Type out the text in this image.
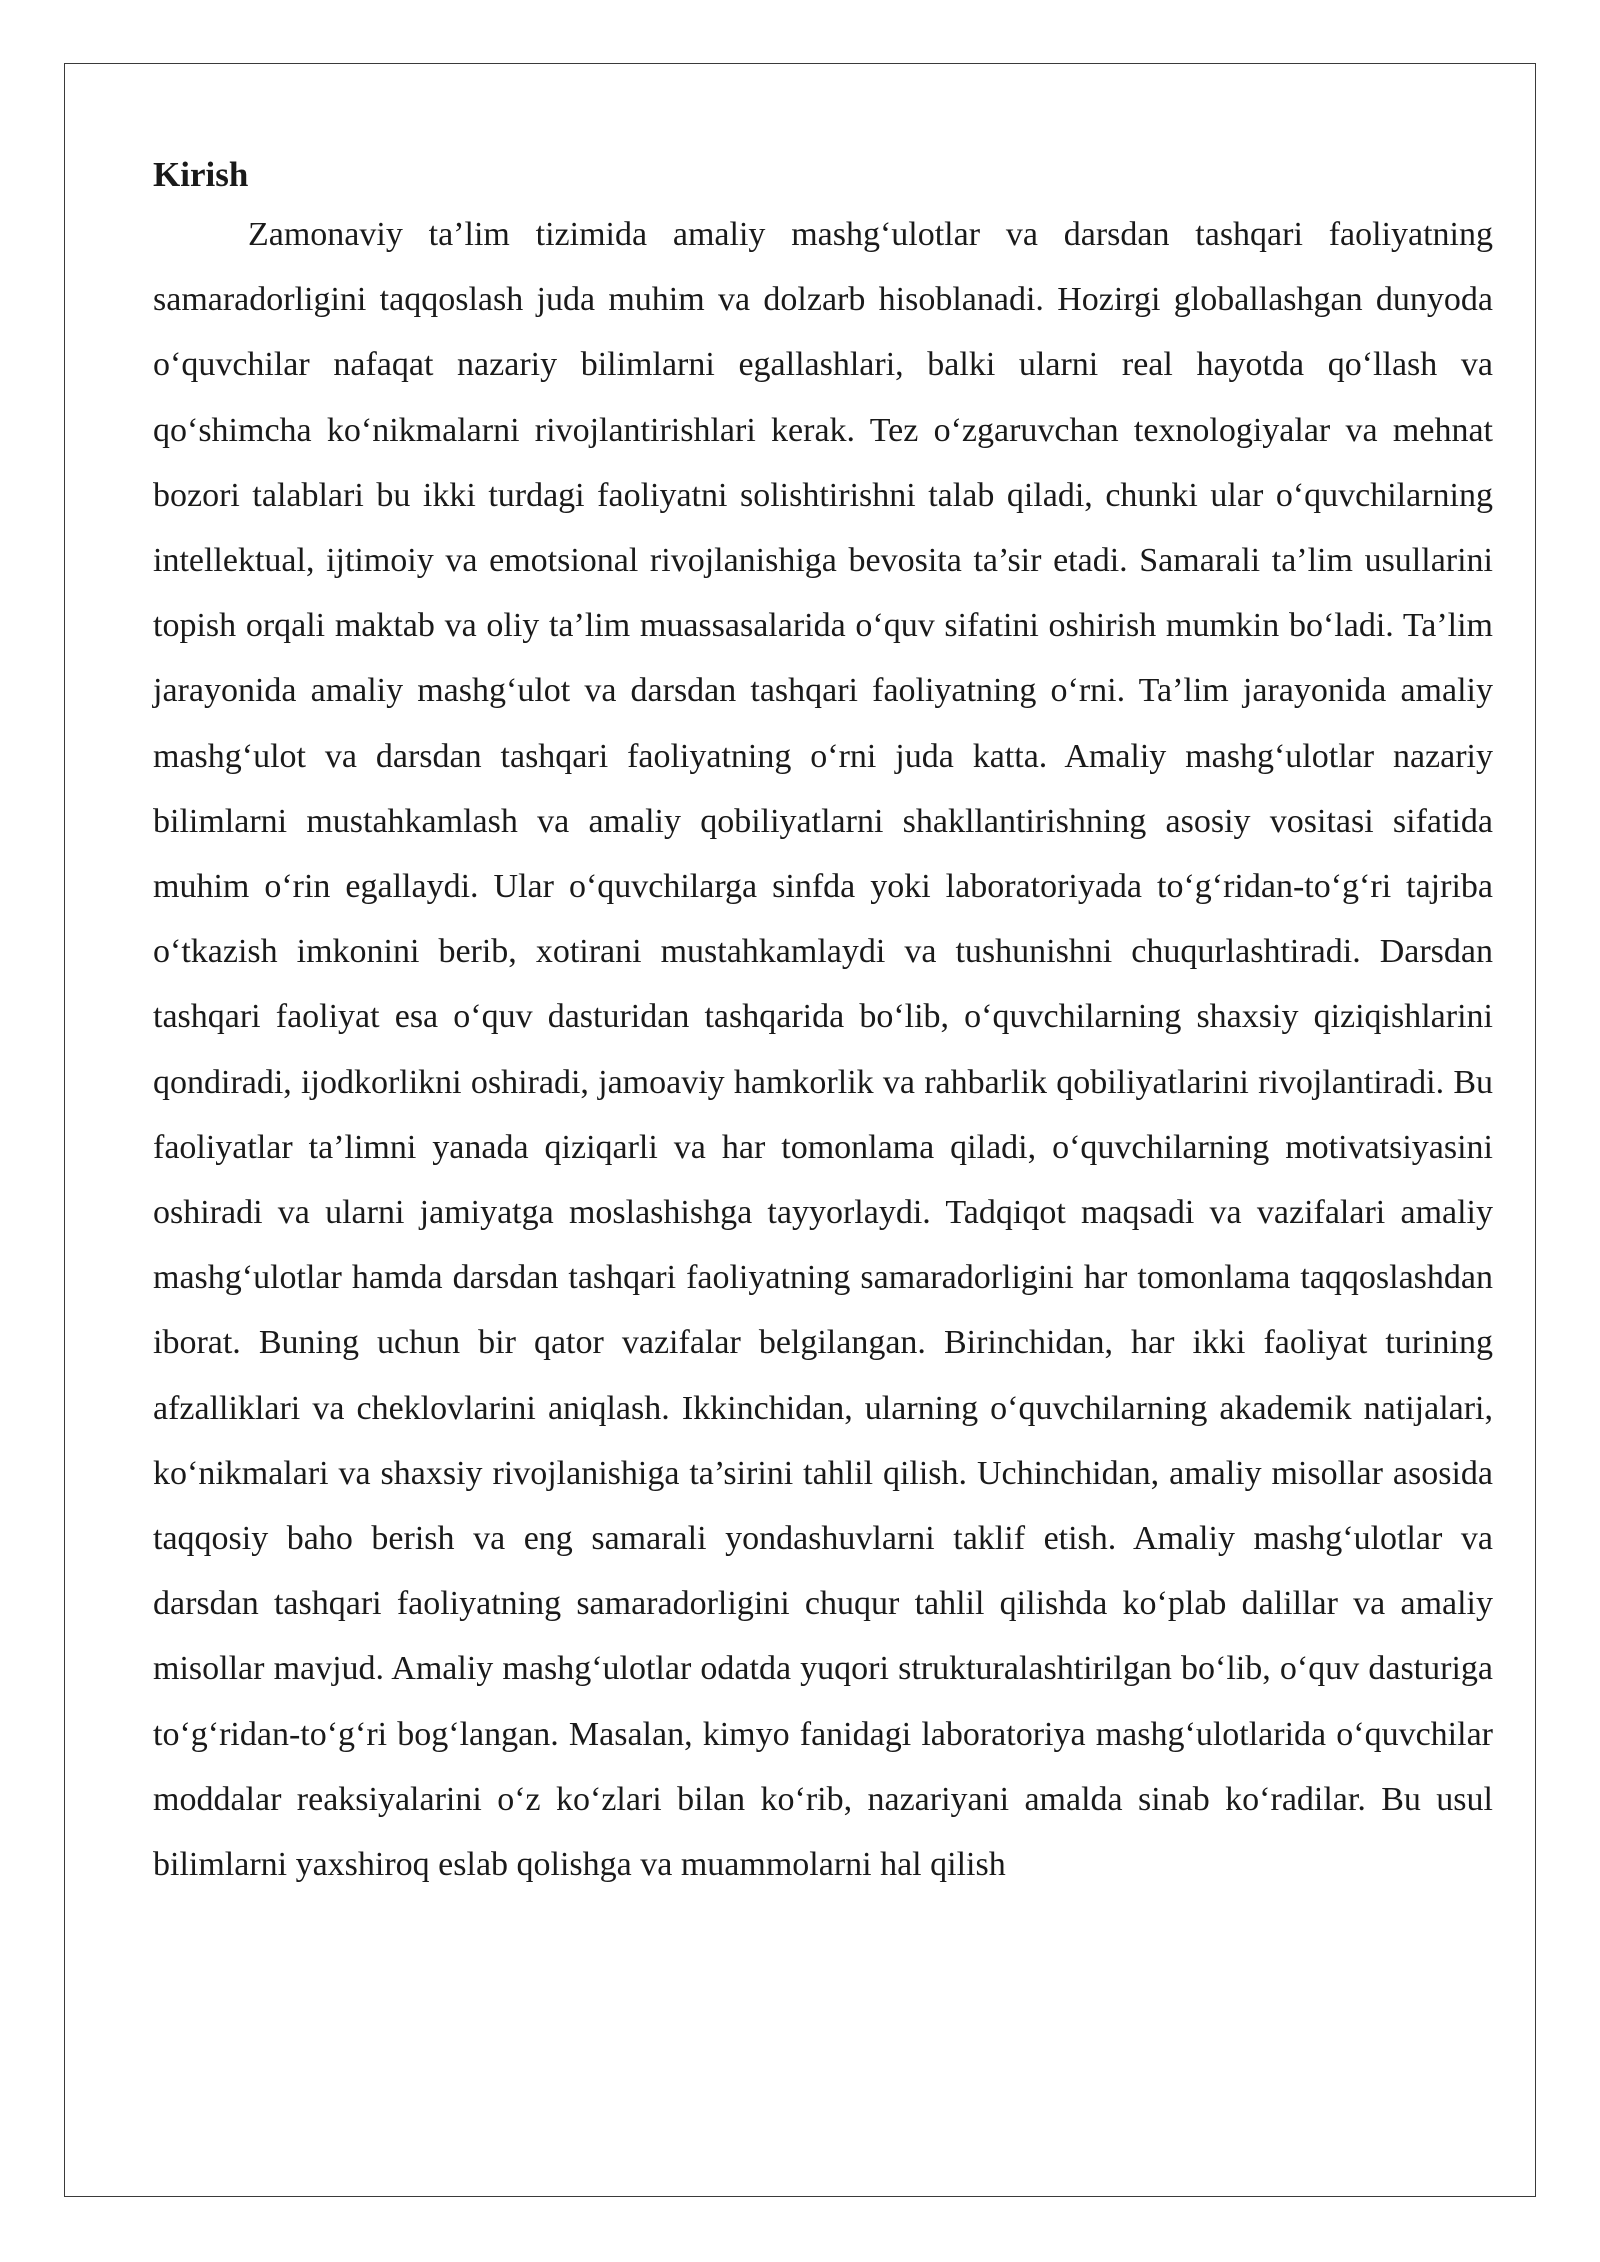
Kirish

Zamonaviy ta’lim tizimida amaliy mashg‘ulotlar va darsdan tashqari faoliyatning samaradorligini taqqoslash juda muhim va dolzarb hisoblanadi. Hozirgi globallashgan dunyoda o‘quvchilar nafaqat nazariy bilimlarni egallashlari, balki ularni real hayotda qo‘llash va qo‘shimcha ko‘nikmalarni rivojlantirishlari kerak. Tez o‘zgaruvchan texnologiyalar va mehnat bozori talablari bu ikki turdagi faoliyatni solishtirishni talab qiladi, chunki ular o‘quvchilarning intellektual, ijtimoiy va emotsional rivojlanishiga bevosita ta’sir etadi. Samarali ta’lim usullarini topish orqali maktab va oliy ta’lim muassasalarida o‘quv sifatini oshirish mumkin bo‘ladi. Ta’lim jarayonida amaliy mashg‘ulot va darsdan tashqari faoliyatning o‘rni. Ta’lim jarayonida amaliy mashg‘ulot va darsdan tashqari faoliyatning o‘rni juda katta. Amaliy mashg‘ulotlar nazariy bilimlarni mustahkamlash va amaliy qobiliyatlarni shakllantirishning asosiy vositasi sifatida muhim o‘rin egallaydi. Ular o‘quvchilarga sinfda yoki laboratoriyada to‘g‘ridan-to‘g‘ri tajriba o‘tkazish imkonini berib, xotirani mustahkamlaydi va tushunishni chuqurlashtiradi. Darsdan tashqari faoliyat esa o‘quv dasturidan tashqarida bo‘lib, o‘quvchilarning shaxsiy qiziqishlarini qondiradi, ijodkorlikni oshiradi, jamoaviy hamkorlik va rahbarlik qobiliyatlarini rivojlantiradi. Bu faoliyatlar ta’limni yanada qiziqarli va har tomonlama qiladi, o‘quvchilarning motivatsiyasini oshiradi va ularni jamiyatga moslashishga tayyorlaydi. Tadqiqot maqsadi va vazifalari amaliy mashg‘ulotlar hamda darsdan tashqari faoliyatning samaradorligini har tomonlama taqqoslashdan iborat. Buning uchun bir qator vazifalar belgilangan. Birinchidan, har ikki faoliyat turining afzalliklari va cheklovlarini aniqlash. Ikkinchidan, ularning o‘quvchilarning akademik natijalari, ko‘nikmalari va shaxsiy rivojlanishiga ta’sirini tahlil qilish. Uchinchidan, amaliy misollar asosida taqqosiy baho berish va eng samarali yondashuvlarni taklif etish. Amaliy mashg‘ulotlar va darsdan tashqari faoliyatning samaradorligini chuqur tahlil qilishda ko‘plab dalillar va amaliy misollar mavjud. Amaliy mashg‘ulotlar odatda yuqori strukturalashtirilgan bo‘lib, o‘quv dasturiga to‘g‘ridan-to‘g‘ri bog‘langan. Masalan, kimyo fanidagi laboratoriya mashg‘ulotlarida o‘quvchilar moddalar reaksiyalarini o‘z ko‘zlari bilan ko‘rib, nazariyani amalda sinab ko‘radilar. Bu usul bilimlarni yaxshiroq eslab qolishga va muammolarni hal qilish
